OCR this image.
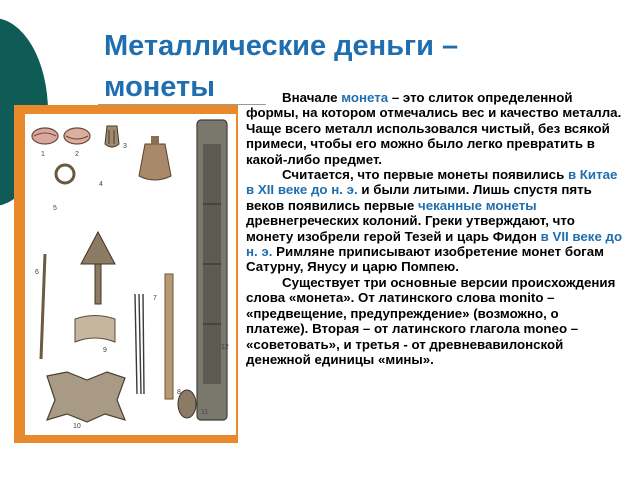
Металлические деньги – монеты
1	2
3
4
5
6
7
8
9
10
11
12

Вначале монета – это слиток определенной формы, на котором отмечались вес и качество металла. Чаще всего металл использовался чистый, без всякой примеси, чтобы его можно было легко превратить в какой-либо предмет.

Считается, что первые монеты появились в Китае в XII веке до н. э. и были литыми. Лишь спустя пять веков появились первые чеканные монеты древнегреческих колоний. Греки утверждают, что монету изобрели герой Тезей и царь Фидон в VII веке до н. э. Римляне приписывают изобретение монет богам Сатурну, Янусу и царю Помпею.

Существует три основные версии происхождения слова «монета». От латинского слова monito – «предвещение, предупреждение» (возможно, о платеже). Вторая – от латинского глагола moneo – «советовать», и третья - от древневавилонской денежной единицы «мины».
